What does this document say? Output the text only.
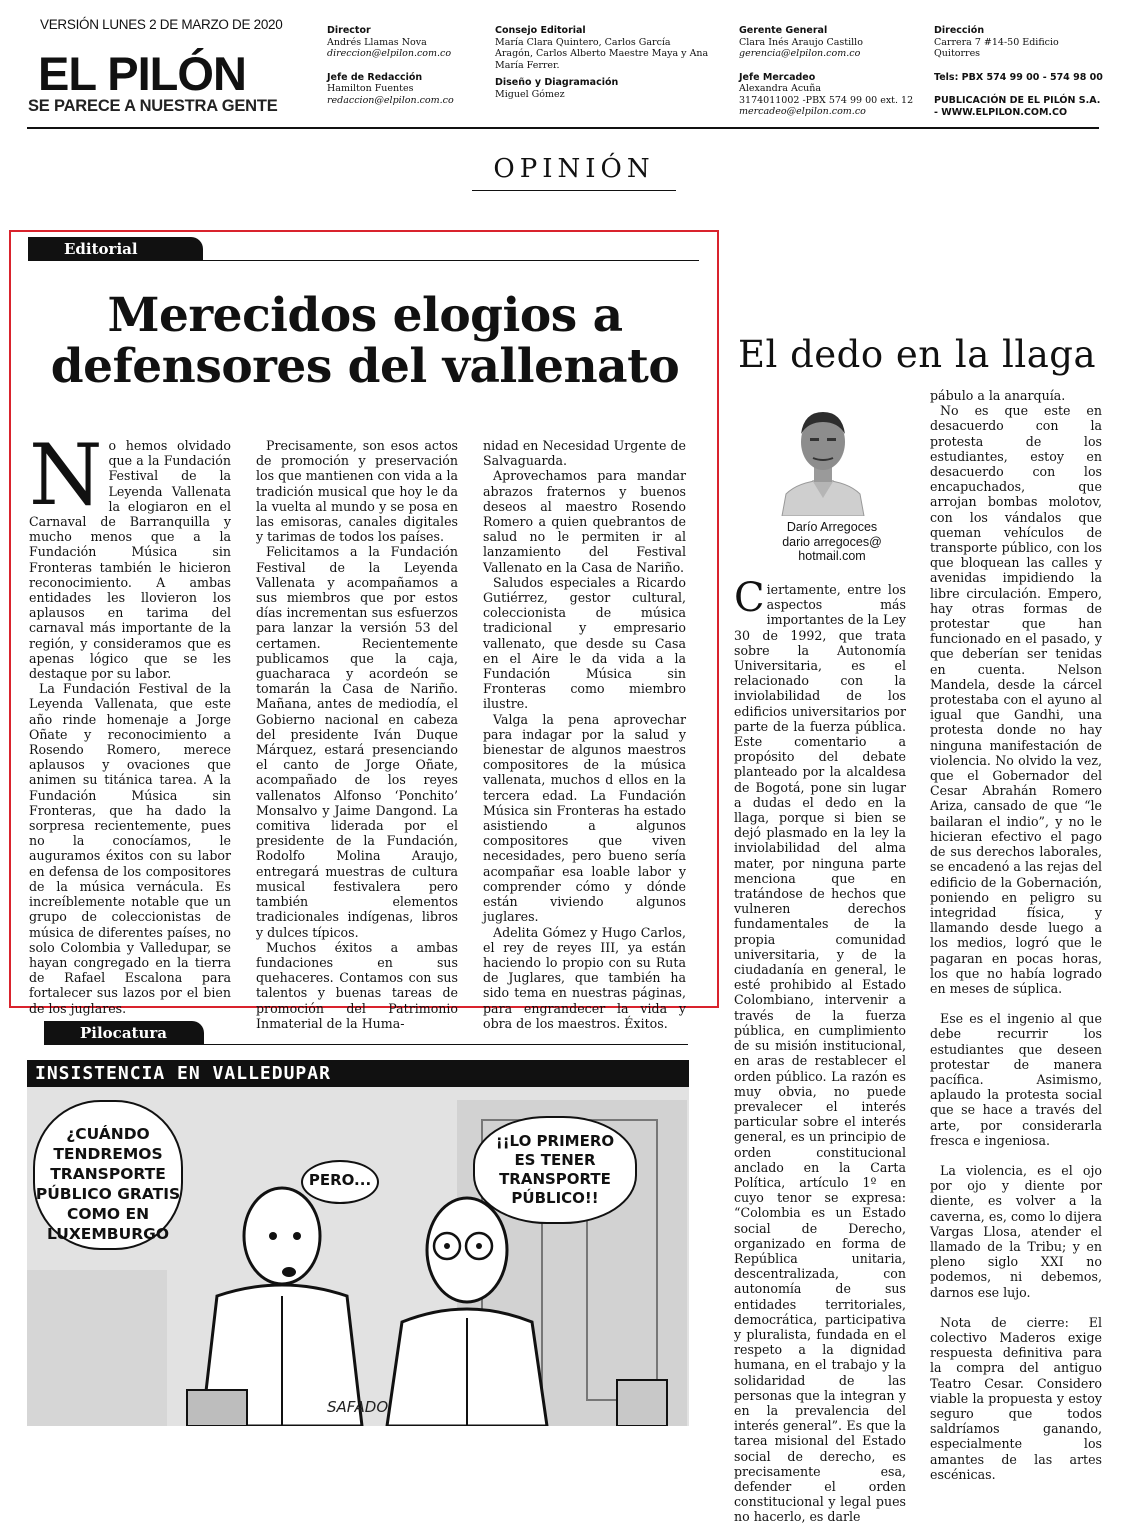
VERSIÓN LUNES 2 DE MARZO DE 2020
EL PILÓN
SE PARECE A NUESTRA GENTE
Director
Andrés Llamas Nova
direccion@elpilon.com.co

Jefe de Redacción
Hamilton Fuentes
redaccion@elpilon.com.co
Consejo Editorial
María Clara Quintero, Carlos García Aragón, Carlos Alberto Maestre Maya y Ana María Ferrer.

Diseño y Diagramación
Miguel Gómez
Gerente General
Clara Inés Araujo Castillo
gerencia@elpilon.com.co

Jefe Mercadeo
Alexandra Acuña
3174011002 -PBX 574 99 00 ext. 12
mercadeo@elpilon.com.co
Dirección
Carrera 7 #14-50 Edificio Quitorres

Tels: PBX 574 99 00 - 574 98 00

PUBLICACIÓN DE EL PILÓN S.A. - WWW.ELPILON.COM.CO
OPINIÓN
Editorial
Merecidos elogios a defensores del vallenato
N o hemos olvidado que a la Fundación Festival de la Leyenda Vallenata la elogiaron en el Carnaval de Barranquilla y mucho menos que a la Fundación Música sin Fronteras también le hicieron reconocimiento. A ambas entidades les llovieron los aplausos en tarima del carnaval más importante de la región, y consideramos que es apenas lógico que se les destaque por su labor.

La Fundación Festival de la Leyenda Vallenata, que este año rinde homenaje a Jorge Oñate y reconocimiento a Rosendo Romero, merece aplausos y ovaciones que animen su titánica tarea. A la Fundación Música sin Fronteras, que ha dado la sorpresa recientemente, pues no la conocíamos, le auguramos éxitos con su labor en defensa de los compositores de la música vernácula. Es increíblemente notable que un grupo de coleccionistas de música de diferentes países, no solo Colombia y Valledupar, se hayan congregado en la tierra de Rafael Escalona para fortalecer sus lazos por el bien de los juglares.

Precisamente, son esos actos de promoción y preservación los que mantienen con vida a la tradición musical que hoy le da la vuelta al mundo y se posa en las emisoras, canales digitales y tarimas de todos los países.

Felicitamos a la Fundación Festival de la Leyenda Vallenata y acompañamos a sus miembros que por estos días incrementan sus esfuerzos para lanzar la versión 53 del certamen. Recientemente publicamos que la caja, guacharaca y acordeón se tomarán la Casa de Nariño. Mañana, antes de mediodía, el Gobierno nacional en cabeza del presidente Iván Duque Márquez, estará presenciando el canto de Jorge Oñate, acompañado de los reyes vallenatos Alfonso ‘Ponchito’ Monsalvo y Jaime Dangond. La comitiva liderada por el presidente de la Fundación, Rodolfo Molina Araujo, entregará muestras de cultura musical festivalera pero también elementos tradicionales indígenas, libros y dulces típicos.

Muchos éxitos a ambas fundaciones en sus quehaceres. Contamos con sus talentos y buenas tareas de promoción del Patrimonio Inmaterial de la Huma-

nidad en Necesidad Urgente de Salvaguarda.

Aprovechamos para mandar abrazos fraternos y buenos deseos al maestro Rosendo Romero a quien quebrantos de salud no le permiten ir al lanzamiento del Festival Vallenato en la Casa de Nariño.

Saludos especiales a Ricardo Gutiérrez, gestor cultural, coleccionista de música tradicional y empresario vallenato, que desde su Casa en el Aire le da vida a la Fundación Música sin Fronteras como miembro ilustre.

Valga la pena aprovechar para indagar por la salud y bienestar de algunos maestros compositores de la música vallenata, muchos d ellos en la tercera edad. La Fundación Música sin Fronteras ha estado asistiendo a algunos compositores que viven necesidades, pero bueno sería acompañar esa loable labor y comprender cómo y dónde están viviendo algunos juglares.

Adelita Gómez y Hugo Carlos, el rey de reyes III, ya están haciendo lo propio con su Ruta de Juglares, que también ha sido tema en nuestras páginas, para engrandecer la vida y obra de los maestros. Éxitos.

El dedo en la llaga
Darío Arregoces
dario arregoces@
hotmail.com
C iertamente, entre los aspectos más importantes de la Ley 30 de 1992, que trata sobre la Autonomía Universitaria, es el relacionado con la inviolabilidad de los edificios universitarios por parte de la fuerza pública. Este comentario a propósito del debate planteado por la alcaldesa de Bogotá, pone sin lugar a dudas el dedo en la llaga, porque si bien se dejó plasmado en la ley la inviolabilidad del alma mater, por ninguna parte menciona que en tratándose de hechos que vulneren derechos fundamentales de la propia comunidad universitaria, y de la ciudadanía en general, le esté prohibido al Estado Colombiano, intervenir a través de la fuerza pública, en cumplimiento de su misión institucional, en aras de restablecer el orden público. La razón es muy obvia, no puede prevalecer el interés particular sobre el interés general, es un principio de orden constitucional anclado en la Carta Política, artículo 1º en cuyo tenor se expresa: “Colombia es un Estado social de Derecho, organizado en forma de República unitaria, descentralizada, con autonomía de sus entidades territoriales, democrática, participativa y pluralista, fundada en el respeto a la dignidad humana, en el trabajo y la solidaridad de las personas que la integran y en la prevalencia del interés general”. Es que la tarea misional del Estado social de derecho, es precisamente esa, defender el orden constitucional y legal pues no hacerlo, es darle

pábulo a la anarquía.

No es que este en desacuerdo con la protesta de los estudiantes, estoy en desacuerdo con los encapuchados, que arrojan bombas molotov, con los vándalos que queman vehículos de transporte público, con los que bloquean las calles y avenidas impidiendo la libre circulación. Empero, hay otras formas de protestar que han funcionado en el pasado, y que deberían ser tenidas en cuenta. Nelson Mandela, desde la cárcel protestaba con el ayuno al igual que Gandhi, una protesta donde no hay ninguna manifestación de violencia. No olvido la vez, que el Gobernador del Cesar Abrahán Romero Ariza, cansado de que “le bailaran el indio”, y no le hicieran efectivo el pago de sus derechos laborales, se encadenó a las rejas del edificio de la Gobernación, poniendo en peligro su integridad física, y llamando desde luego a los medios, logró que le pagaran en pocas horas, los que no había logrado en meses de súplica.

Ese es el ingenio al que debe recurrir los estudiantes que deseen protestar de manera pacífica. Asimismo, aplaudo la protesta social que se hace a través del arte, por considerarla fresca e ingeniosa.

La violencia, es el ojo por ojo y diente por diente, es volver a la caverna, es, como lo dijera Vargas Llosa, atender el llamado de la Tribu; y en pleno siglo XXI no podemos, ni debemos, darnos ese lujo.

Nota de cierre: El colectivo Maderos exige respuesta definitiva para la compra del antiguo Teatro Cesar. Considero viable la propuesta y estoy seguro que todos saldríamos ganando, especialmente los amantes de las artes escénicas.

Pilocatura
¿CUÁNDO TENDREMOS TRANSPORTE PÚBLICO GRATIS COMO EN LUXEMBURGO
PERO...
¡¡LO PRIMERO ES TENER TRANSPORTE PÚBLICO!!
SAFADO
INSISTENCIA EN VALLEDUPAR
